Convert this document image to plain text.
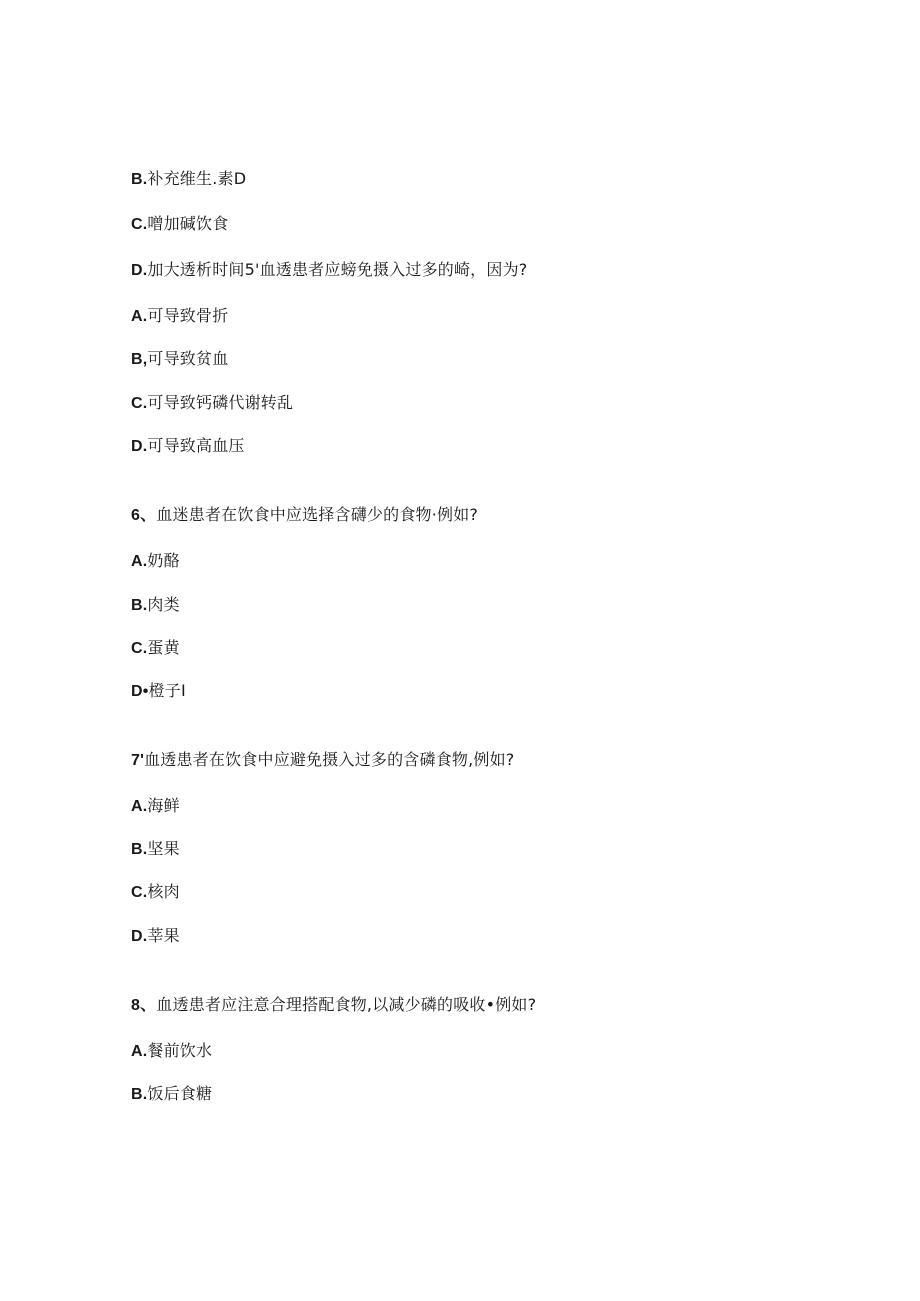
B.补充维生.素D
C.噌加碱饮食
D.加大透析时间5'血透患者应螃免摄入过多的崎，因为?
A.可导致骨折
B,可导致贫血
C.可导致钙磷代谢转乱
D.可导致高血压
6、血迷患者在饮食中应选择含礴少的食物·例如?
A.奶酪
B.肉类
C.蛋黄
D•橙子I
7'血透患者在饮食中应避免摄入过多的含磷食物,例如?
A.海鲜
B.坚果
C.核肉
D.莘果
8、血透患者应注意合理搭配食物,以减少磷的吸收•例如?
A.餐前饮水
B.饭后食糖
